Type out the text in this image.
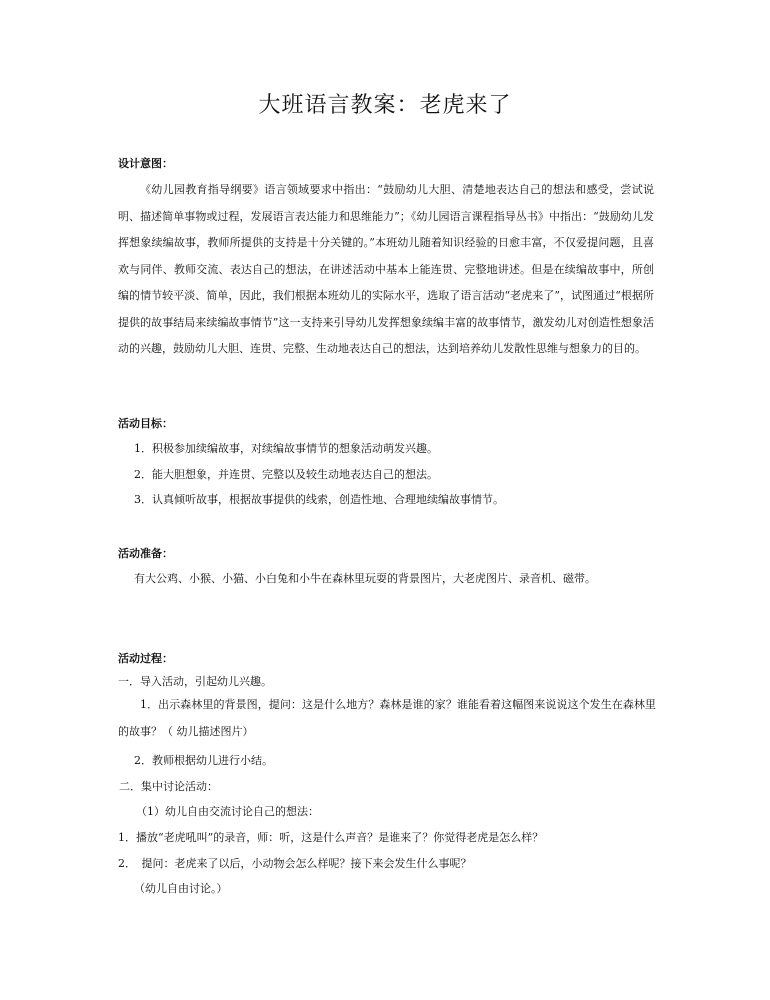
大班语言教案：老虎来了

设计意图：

《幼儿园教育指导纲要》语言领域要求中指出：“鼓励幼儿大胆、清楚地表达自己的想法和感受，尝试说明、描述简单事物或过程，发展语言表达能力和思维能力”；《幼儿园语言课程指导丛书》中指出：“鼓励幼儿发挥想象续编故事，教师所提供的支持是十分关键的。”本班幼儿随着知识经验的日愈丰富，不仅爱提问题，且喜欢与同伴、教师交流、表达自己的想法，在讲述活动中基本上能连贯、完整地讲述。但是在续编故事中，所创编的情节较平淡、简单，因此，我们根据本班幼儿的实际水平，选取了语言活动“老虎来了”，试图通过“根据所提供的故事结局来续编故事情节”这一支持来引导幼儿发挥想象续编丰富的故事情节，激发幼儿对创造性想象活动的兴趣，鼓励幼儿大胆、连贯、完整、生动地表达自己的想法，达到培养幼儿发散性思维与想象力的目的。

活动目标：

1．积极参加续编故事，对续编故事情节的想象活动萌发兴趣。

2．能大胆想象，并连贯、完整以及较生动地表达自己的想法。

3．认真倾听故事，根据故事提供的线索，创造性地、合理地续编故事情节。

活动准备：

有大公鸡、小猴、小猫、小白兔和小牛在森林里玩耍的背景图片，大老虎图片、录音机、磁带。

活动过程：

一．导入活动，引起幼儿兴趣。

1．出示森林里的背景图，提问：这是什么地方？森林是谁的家？谁能看着这幅图来说说这个发生在森林里的故事？（ 幼儿描述图片）

2．教师根据幼儿进行小结。

二．集中讨论活动：

（1）幼儿自由交流讨论自己的想法：

1．播放“老虎吼叫”的录音，师：听，这是什么声音？是谁来了？你觉得老虎是怎么样？

2．　提问：老虎来了以后，小动物会怎么样呢？接下来会发生什么事呢？

（幼儿自由讨论。）
